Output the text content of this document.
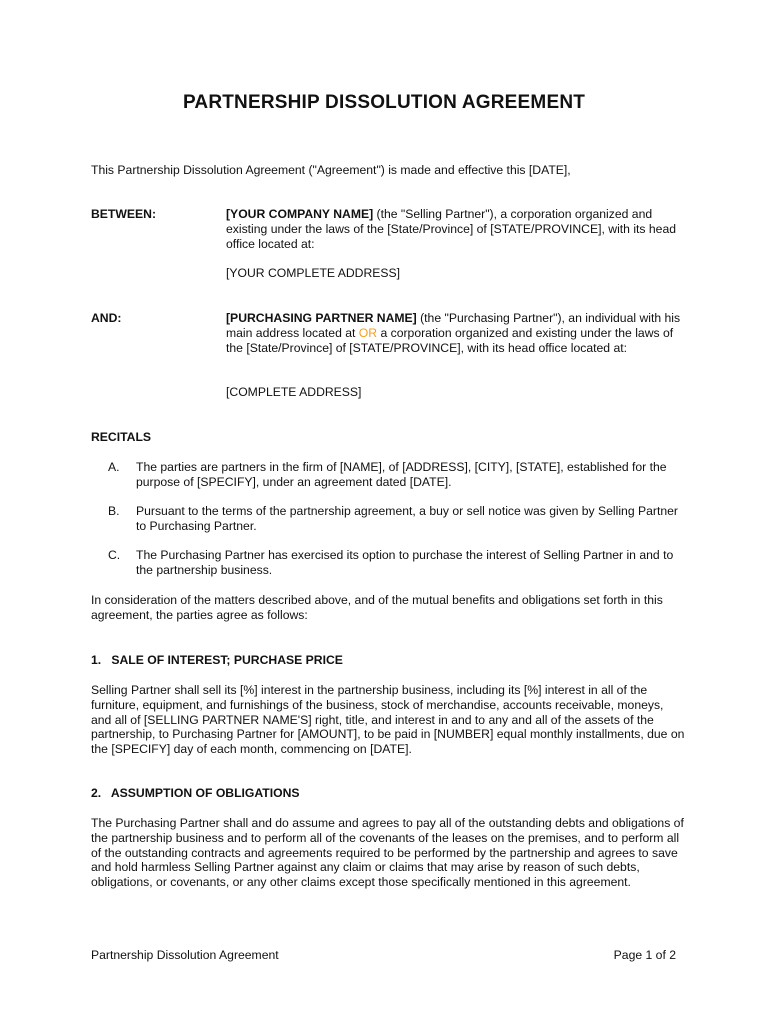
PARTNERSHIP DISSOLUTION AGREEMENT
This Partnership Dissolution Agreement ("Agreement") is made and effective this [DATE],
BETWEEN:	[YOUR COMPANY NAME] (the "Selling Partner"), a corporation organized and existing under the laws of the [State/Province] of [STATE/PROVINCE], with its head office located at:
[YOUR COMPLETE ADDRESS]
AND:	[PURCHASING PARTNER NAME] (the "Purchasing Partner"), an individual with his main address located at OR a corporation organized and existing under the laws of the [State/Province] of [STATE/PROVINCE], with its head office located at:
[COMPLETE ADDRESS]
RECITALS
A. The parties are partners in the firm of [NAME], of [ADDRESS], [CITY], [STATE], established for the purpose of [SPECIFY], under an agreement dated [DATE].
B. Pursuant to the terms of the partnership agreement, a buy or sell notice was given by Selling Partner to Purchasing Partner.
C. The Purchasing Partner has exercised its option to purchase the interest of Selling Partner in and to the partnership business.
In consideration of the matters described above, and of the mutual benefits and obligations set forth in this agreement, the parties agree as follows:
1.   SALE OF INTEREST; PURCHASE PRICE
Selling Partner shall sell its [%] interest in the partnership business, including its [%] interest in all of the furniture, equipment, and furnishings of the business, stock of merchandise, accounts receivable, moneys, and all of [SELLING PARTNER NAME'S] right, title, and interest in and to any and all of the assets of the partnership, to Purchasing Partner for [AMOUNT], to be paid in [NUMBER] equal monthly installments, due on the [SPECIFY] day of each month, commencing on [DATE].
2.   ASSUMPTION OF OBLIGATIONS
The Purchasing Partner shall and do assume and agrees to pay all of the outstanding debts and obligations of the partnership business and to perform all of the covenants of the leases on the premises, and to perform all of the outstanding contracts and agreements required to be performed by the partnership and agrees to save and hold harmless Selling Partner against any claim or claims that may arise by reason of such debts, obligations, or covenants, or any other claims except those specifically mentioned in this agreement.
Partnership Dissolution Agreement	Page 1 of 2
